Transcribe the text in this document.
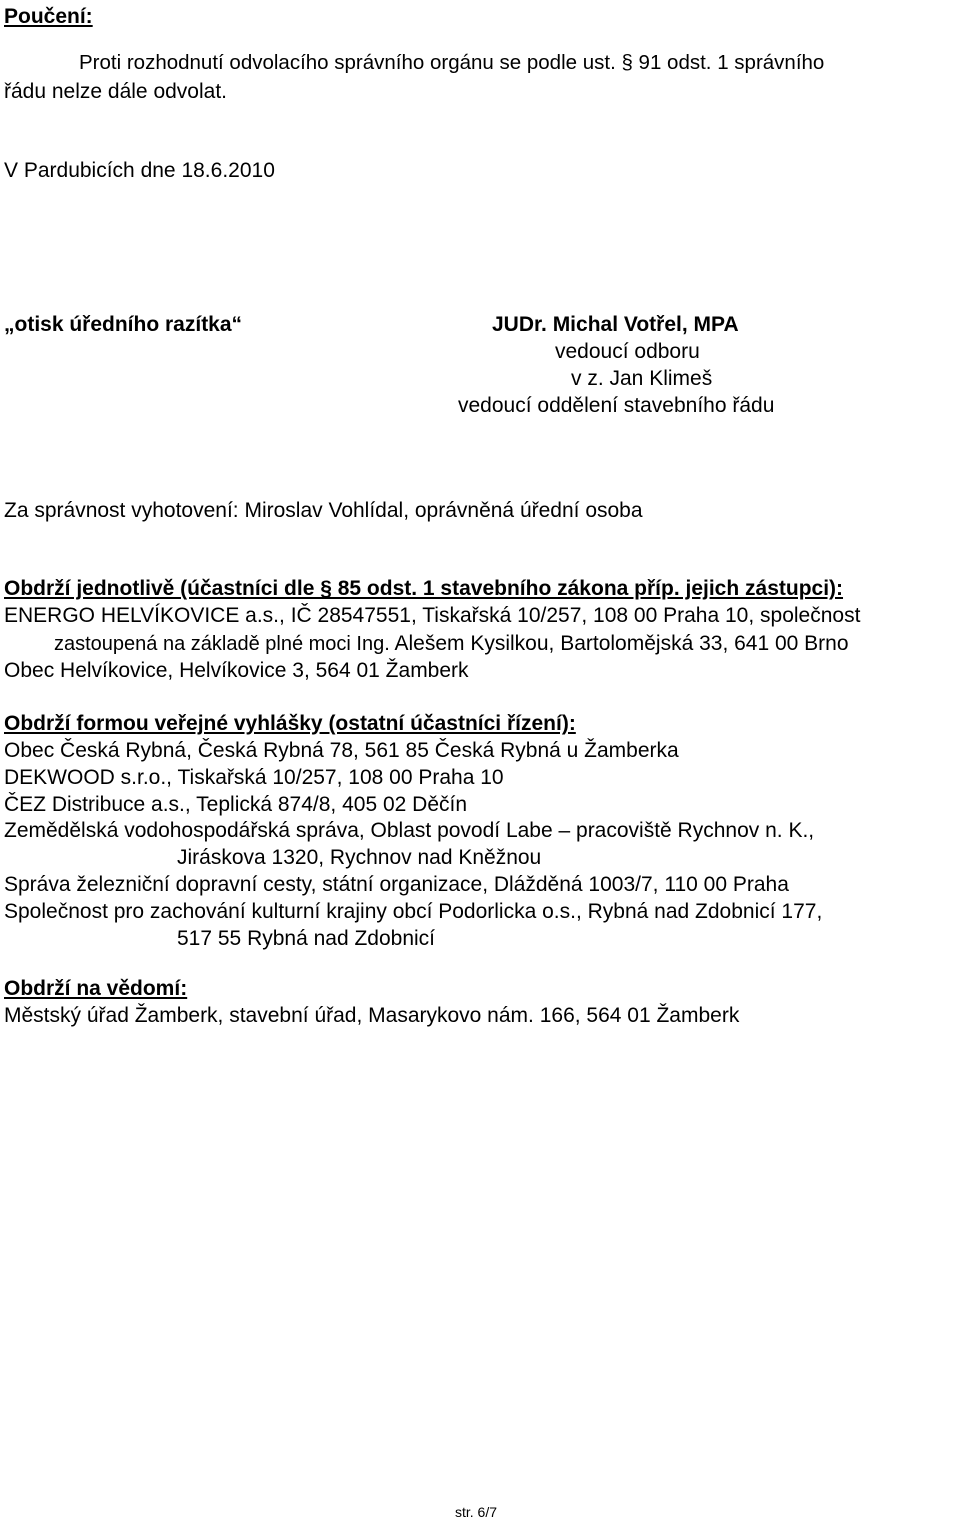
Poučení:
Proti rozhodnutí odvolacího správního orgánu se podle ust. § 91 odst. 1 správního
řádu nelze dále odvolat.
V Pardubicích dne 18.6.2010
„otisk úředního razítka“	JUDr. Michal Votřel, MPA
vedoucí odboru
v z. Jan Klimeš
vedoucí oddělení stavebního řádu
Za správnost vyhotovení: Miroslav Vohlídal, oprávněná úřední osoba
Obdrží jednotlivě (účastníci dle § 85 odst. 1 stavebního zákona příp. jejich zástupci):
ENERGO HELVÍKOVICE a.s., IČ 28547551, Tiskařská 10/257, 108 00 Praha 10, společnost
zastoupená na základě plné moci Ing. Alešem Kysilkou, Bartolomějská 33, 641 00 Brno
Obec Helvíkovice, Helvíkovice 3, 564 01 Žamberk
Obdrží formou veřejné vyhlášky (ostatní účastníci řízení):
Obec Česká Rybná, Česká Rybná 78, 561 85 Česká Rybná u Žamberka
DEKWOOD s.r.o., Tiskařská 10/257, 108 00 Praha 10
ČEZ Distribuce a.s., Teplická 874/8, 405 02 Děčín
Zemědělská vodohospodářská správa, Oblast povodí Labe – pracoviště Rychnov n. K.,
Jiráskova 1320, Rychnov nad Kněžnou
Správa železniční dopravní cesty, státní organizace, Dlážděná 1003/7, 110 00 Praha
Společnost pro zachování kulturní krajiny obcí Podorlicka o.s., Rybná nad Zdobnicí 177,
517 55 Rybná nad Zdobnicí
Obdrží na vědomí:
Městský úřad Žamberk, stavební úřad, Masarykovo nám. 166, 564 01 Žamberk
str. 6/7
